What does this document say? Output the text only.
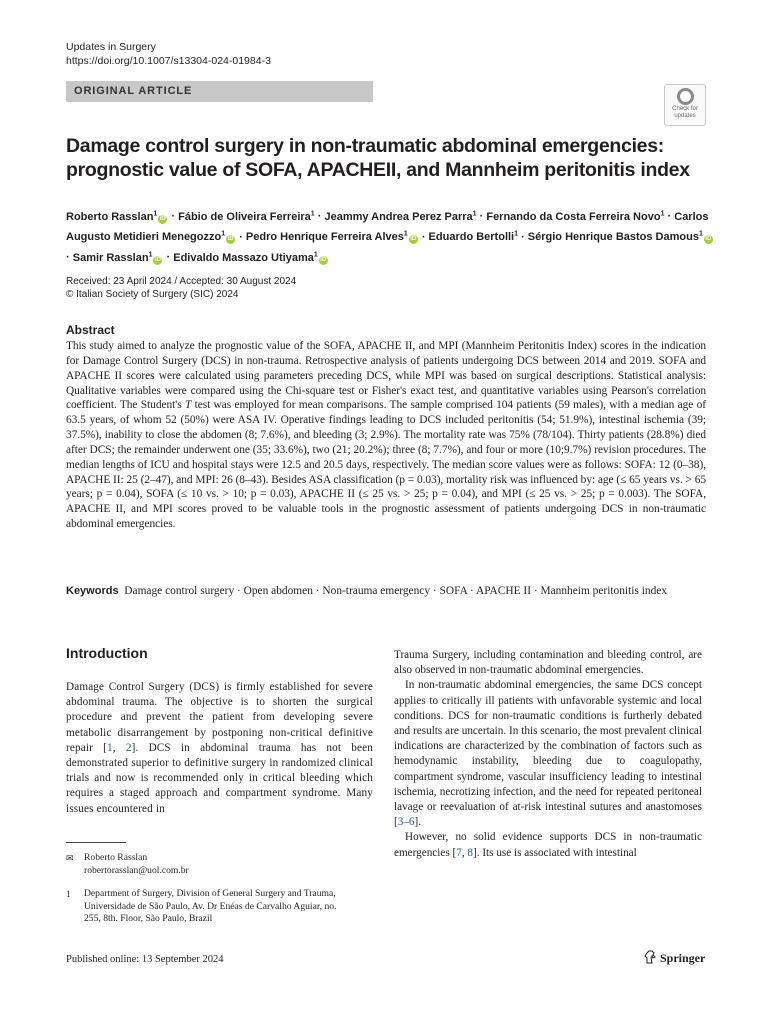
Updates in Surgery
https://doi.org/10.1007/s13304-024-01984-3
ORIGINAL ARTICLE
Check for
updates
Damage control surgery in non-traumatic abdominal emergencies: prognostic value of SOFA, APACHEII, and Mannheim peritonitis index
Roberto Rasslan$^1$iD · Fábio de Oliveira Ferreira$^1$ · Jeammy Andrea Perez Parra$^1$ · Fernando da Costa Ferreira Novo$^1$ · Carlos Augusto Metidieri Menegozzo$^1$iD · Pedro Henrique Ferreira Alves$^1$iD · Eduardo Bertolli$^1$ · Sérgio Henrique Bastos Damous$^1$iD · Samir Rasslan$^1$iD · Edivaldo Massazo Utiyama$^1$iD
Received: 23 April 2024 / Accepted: 30 August 2024
© Italian Society of Surgery (SIC) 2024
Abstract
This study aimed to analyze the prognostic value of the SOFA, APACHE II, and MPI (Mannheim Peritonitis Index) scores in the indication for Damage Control Surgery (DCS) in non-trauma. Retrospective analysis of patients undergoing DCS between 2014 and 2019. SOFA and APACHE II scores were calculated using parameters preceding DCS, while MPI was based on surgical descriptions. Statistical analysis: Qualitative variables were compared using the Chi-square test or Fisher's exact test, and quantitative variables using Pearson's correlation coefficient. The Student's T test was employed for mean comparisons. The sample comprised 104 patients (59 males), with a median age of 63.5 years, of whom 52 (50%) were ASA IV. Operative findings leading to DCS included peritonitis (54; 51.9%), intestinal ischemia (39; 37.5%), inability to close the abdomen (8; 7.6%), and bleeding (3; 2.9%). The mortality rate was 75% (78/104). Thirty patients (28.8%) died after DCS; the remainder underwent one (35; 33.6%), two (21; 20.2%); three (8; 7.7%), and four or more (10;9.7%) revision procedures. The median lengths of ICU and hospital stays were 12.5 and 20.5 days, respectively. The median score values were as follows: SOFA: 12 (0–38), APACHE II: 25 (2–47), and MPI: 26 (8–43). Besides ASA classification (p = 0.03), mortality risk was influenced by: age (≤ 65 years vs. > 65 years; p = 0.04), SOFA (≤ 10 vs. > 10; p = 0.03), APACHE II (≤ 25 vs. > 25; p = 0.04), and MPI (≤ 25 vs. > 25; p = 0.003). The SOFA, APACHE II, and MPI scores proved to be valuable tools in the prognostic assessment of patients undergoing DCS in non-traumatic abdominal emergencies.
Keywords Damage control surgery · Open abdomen · Non-trauma emergency · SOFA · APACHE II · Mannheim peritonitis index
Introduction

Damage Control Surgery (DCS) is firmly established for severe abdominal trauma. The objective is to shorten the surgical procedure and prevent the patient from developing severe metabolic disarrangement by postponing non-critical definitive repair [1, 2]. DCS in abdominal trauma has not been demonstrated superior to definitive surgery in randomized clinical trials and now is recommended only in critical bleeding which requires a staged approach and compartment syndrome. Many issues encountered in

Trauma Surgery, including contamination and bleeding control, are also observed in non-traumatic abdominal emergencies.

In non-traumatic abdominal emergencies, the same DCS concept applies to critically ill patients with unfavorable systemic and local conditions. DCS for non-traumatic conditions is furtherly debated and results are uncertain. In this scenario, the most prevalent clinical indications are characterized by the combination of factors such as hemodynamic instability, bleeding due to coagulopathy, compartment syndrome, vascular insufficiency leading to intestinal ischemia, necrotizing infection, and the need for repeated peritoneal lavage or reevaluation of at-risk intestinal sutures and anastomoses [3–6].

However, no solid evidence supports DCS in non-traumatic emergencies [7, 8]. Its use is associated with intestinal

✉ Roberto Rasslan
robertorasslan@uol.com.br
1 Department of Surgery, Division of General Surgery and Trauma, Universidade de São Paulo, Av. Dr Enéas de Carvalho Aguiar, no. 255, 8th. Floor, São Paulo, Brazil
Published online: 13 September 2024	Springer
